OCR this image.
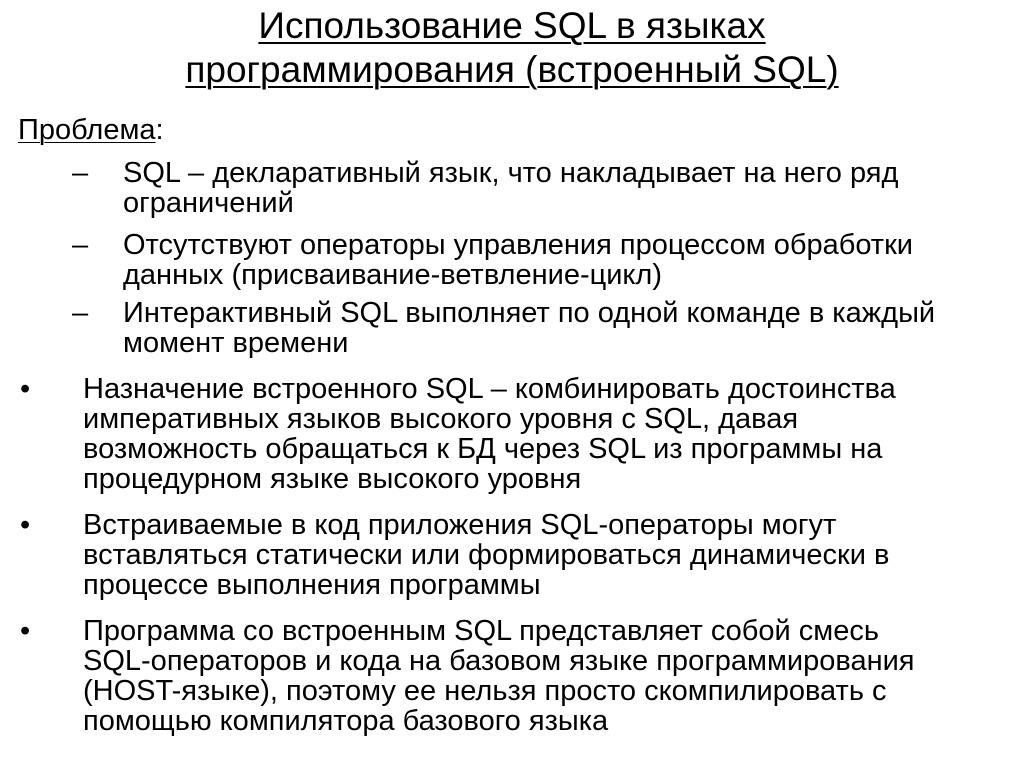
Использование SQL в языках
программирования (встроенный SQL)
Проблема:
– SQL – декларативный язык, что накладывает на него ряд
ограничений
– Отсутствуют операторы управления процессом обработки
данных (присваивание-ветвление-цикл)
– Интерактивный SQL выполняет по одной команде в каждый
момент времени
• Назначение встроенного SQL – комбинировать достоинства
императивных языков высокого уровня с SQL, давая
возможность обращаться к БД через SQL из программы на
процедурном языке высокого уровня
• Встраиваемые в код приложения SQL-операторы могут
вставляться статически или формироваться динамически в
процессе выполнения программы
• Программа со встроенным SQL представляет собой смесь
SQL-операторов и кода на базовом языке программирования
(HOST-языке), поэтому ее нельзя просто скомпилировать с
помощью компилятора базового языка
